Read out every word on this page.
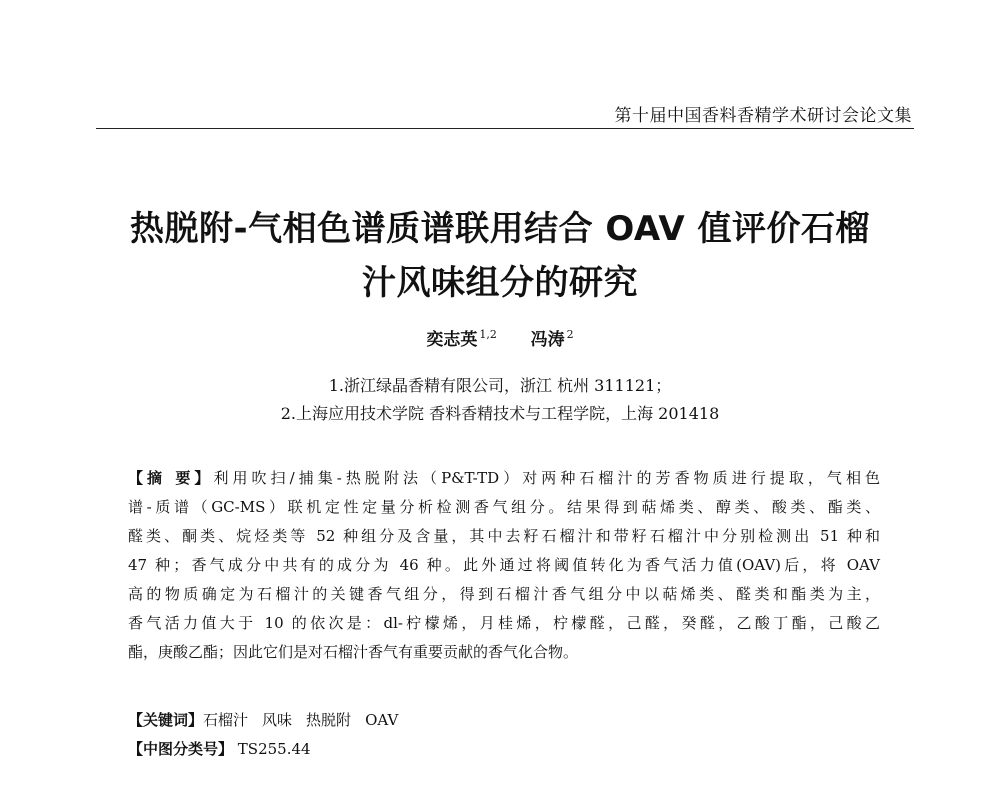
第十届中国香料香精学术研讨会论文集
热脱附-气相色谱质谱联用结合 OAV 值评价石榴
汁风味组分的研究
奕志英 $^{1,2}$ 冯涛 $^2$
1.浙江绿晶香精有限公司，浙江 杭州 311121；
2.上海应用技术学院 香料香精技术与工程学院，上海 201418
【摘 要】利用吹扫/捕集-热脱附法（P&T-TD）对两种石榴汁的芳香物质进行提取，气相色
谱-质谱（GC-MS）联机定性定量分析检测香气组分。结果得到萜烯类、醇类、酸类、酯类、
醛类、酮类、烷烃类等 52 种组分及含量，其中去籽石榴汁和带籽石榴汁中分别检测出 51 种和
47 种；香气成分中共有的成分为 46 种。此外通过将阈值转化为香气活力值(OAV)后，将 OAV
高的物质确定为石榴汁的关键香气组分，得到石榴汁香气组分中以萜烯类、醛类和酯类为主，
香气活力值大于 10 的依次是：dl-柠檬烯，月桂烯，柠檬醛，己醛，癸醛，乙酸丁酯，己酸乙
酯，庚酸乙酯；因此它们是对石榴汁香气有重要贡献的香气化合物。
【关键词】石榴汁 风味 热脱附 OAV
【中图分类号】 TS255.44
